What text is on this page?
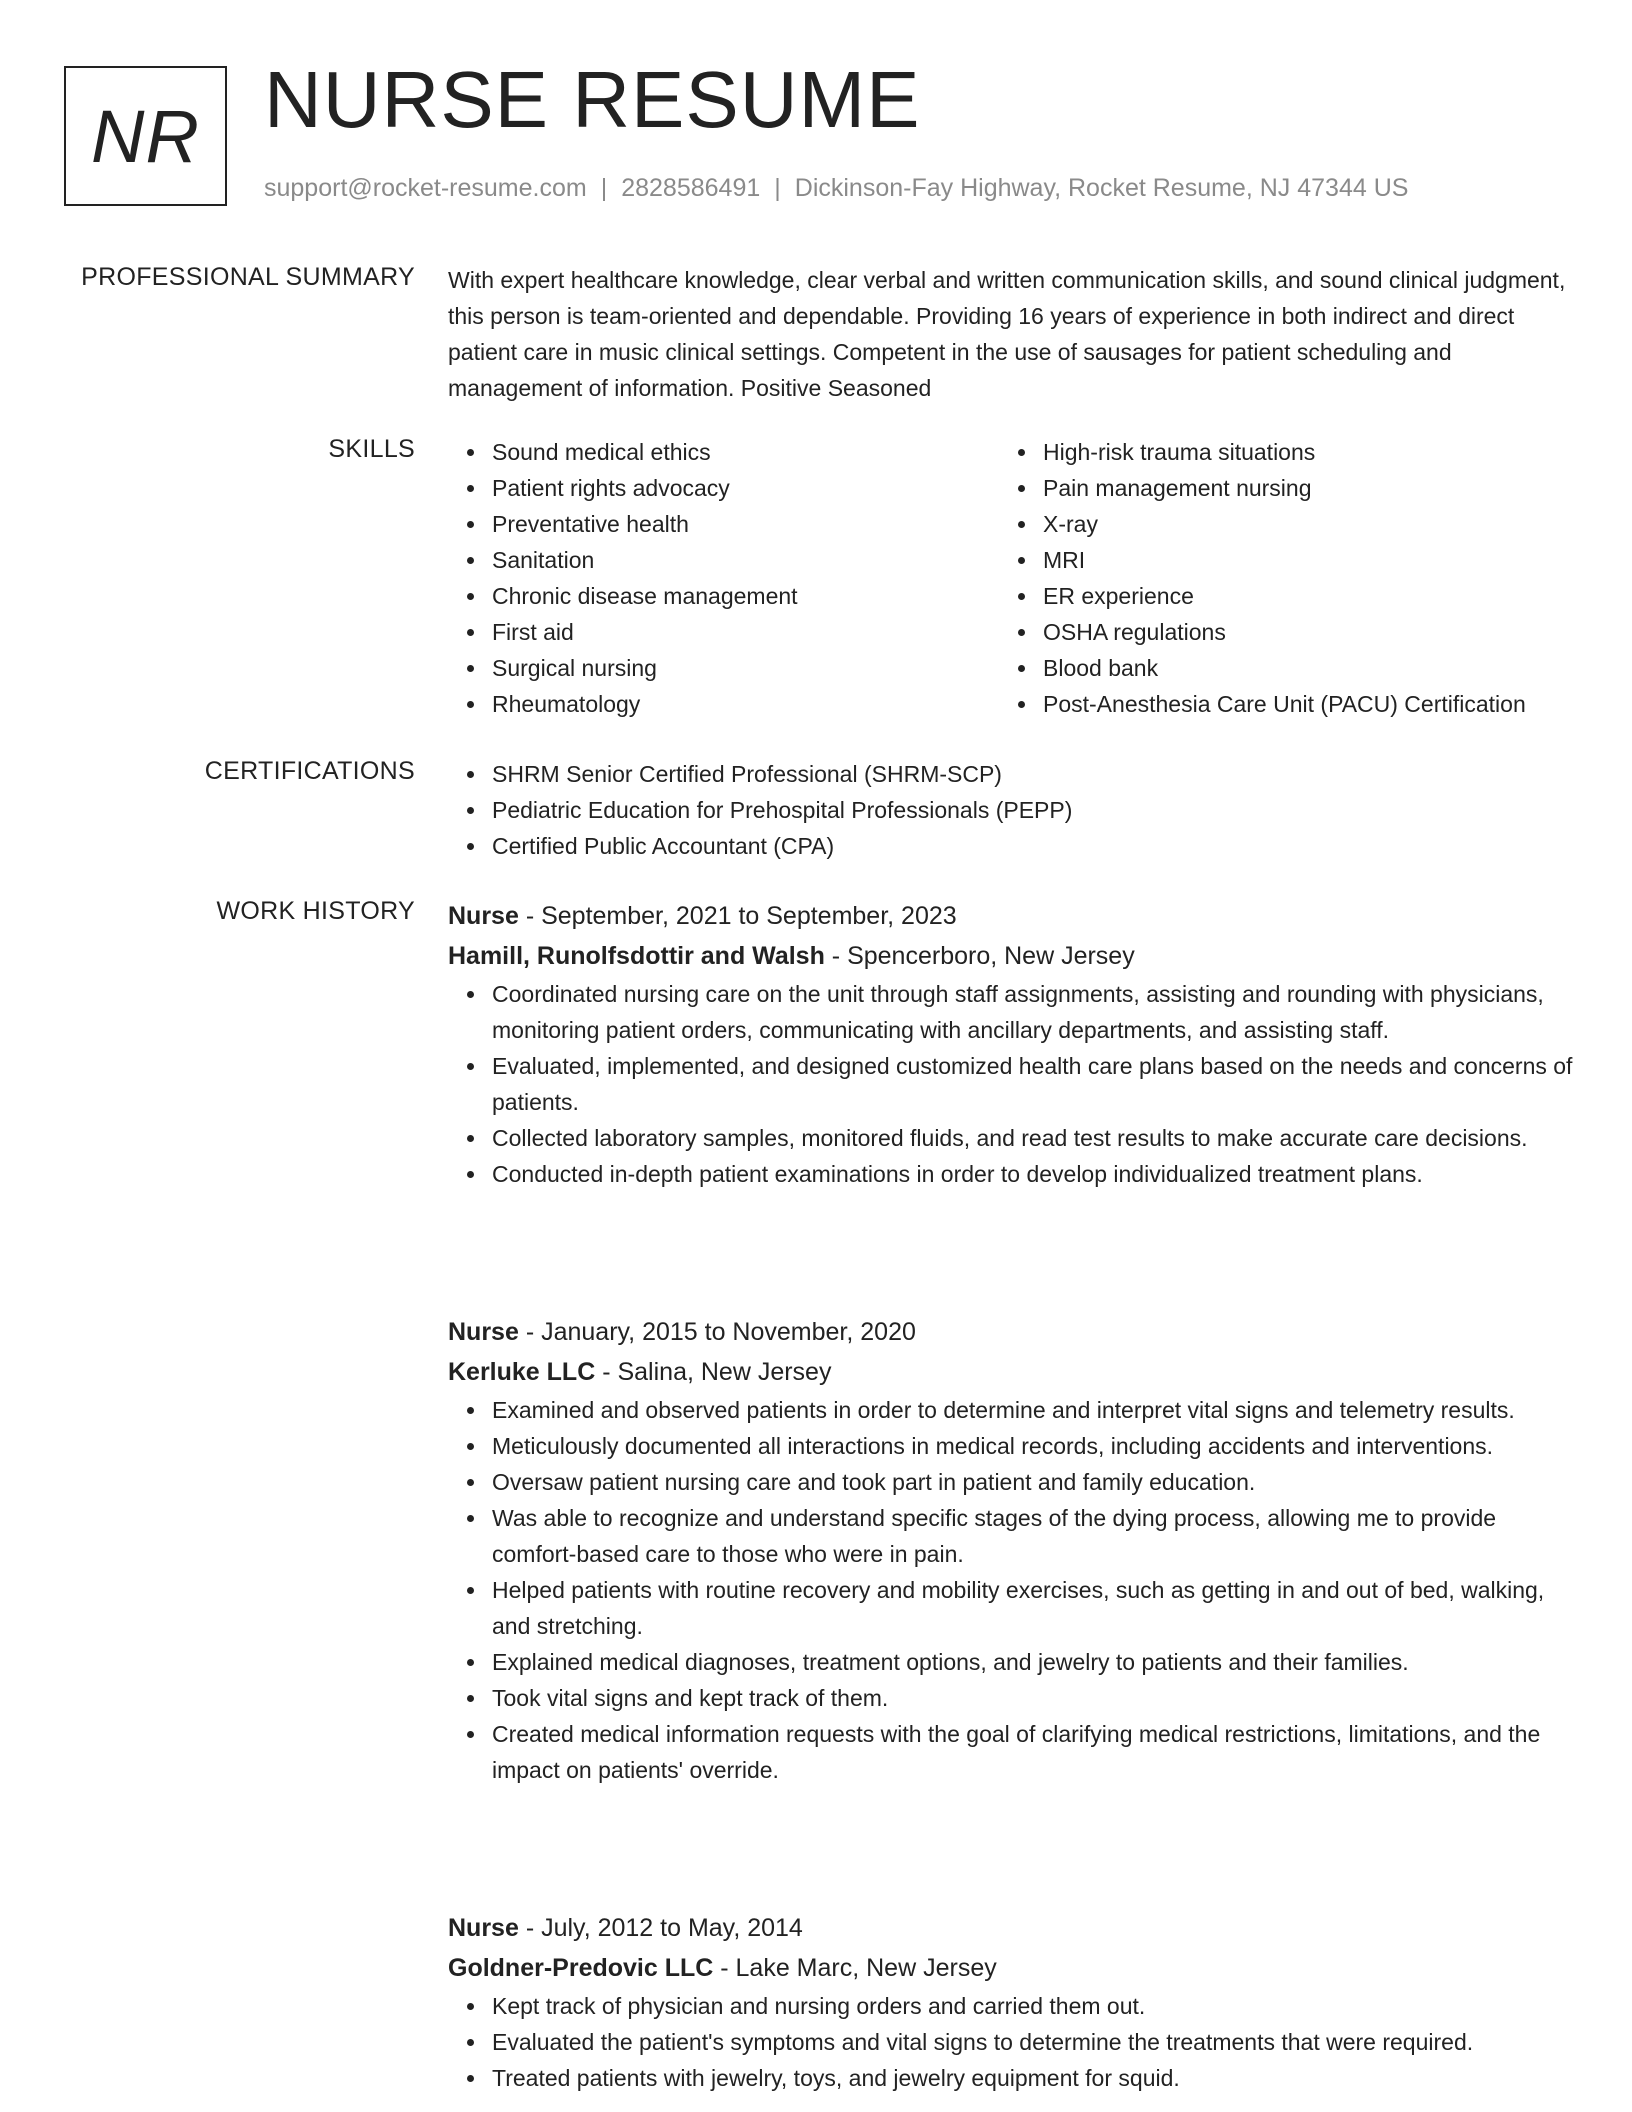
NR NURSE RESUME
support@rocket-resume.com | 2828586491 | Dickinson-Fay Highway, Rocket Resume, NJ 47344 US
PROFESSIONAL SUMMARY With expert healthcare knowledge, clear verbal and written communication skills, and sound clinical judgment, this person is team-oriented and dependable. Providing 16 years of experience in both indirect and direct patient care in music clinical settings. Competent in the use of sausages for patient scheduling and management of information. Positive Seasoned

SKILLS	Sound medical ethics
Patient rights advocacy
Preventative health
Sanitation
Chronic disease management
First aid
Surgical nursing
Rheumatology
High-risk trauma situations
Pain management nursing
X-ray
MRI
ER experience
OSHA regulations
Blood bank
Post-Anesthesia Care Unit (PACU) Certification
CERTIFICATIONS	SHRM Senior Certified Professional (SHRM-SCP)
Pediatric Education for Prehospital Professionals (PEPP)
Certified Public Accountant (CPA)
WORK HISTORY Nurse - September, 2021 to September, 2023
Hamill, Runolfsdottir and Walsh - Spencerboro, New Jersey
Coordinated nursing care on the unit through staff assignments, assisting and rounding with physicians, monitoring patient orders, communicating with ancillary departments, and assisting staff.
Evaluated, implemented, and designed customized health care plans based on the needs and concerns of patients.
Collected laboratory samples, monitored fluids, and read test results to make accurate care decisions.
Conducted in-depth patient examinations in order to develop individualized treatment plans.
Nurse - January, 2015 to November, 2020
Kerluke LLC - Salina, New Jersey
Examined and observed patients in order to determine and interpret vital signs and telemetry results.
Meticulously documented all interactions in medical records, including accidents and interventions.
Oversaw patient nursing care and took part in patient and family education.
Was able to recognize and understand specific stages of the dying process, allowing me to provide comfort-based care to those who were in pain.
Helped patients with routine recovery and mobility exercises, such as getting in and out of bed, walking, and stretching.
Explained medical diagnoses, treatment options, and jewelry to patients and their families.
Took vital signs and kept track of them.
Created medical information requests with the goal of clarifying medical restrictions, limitations, and the impact on patients' override.
Nurse - July, 2012 to May, 2014
Goldner-Predovic LLC - Lake Marc, New Jersey
Kept track of physician and nursing orders and carried them out.
Evaluated the patient's symptoms and vital signs to determine the treatments that were required.
Treated patients with jewelry, toys, and jewelry equipment for squid.
